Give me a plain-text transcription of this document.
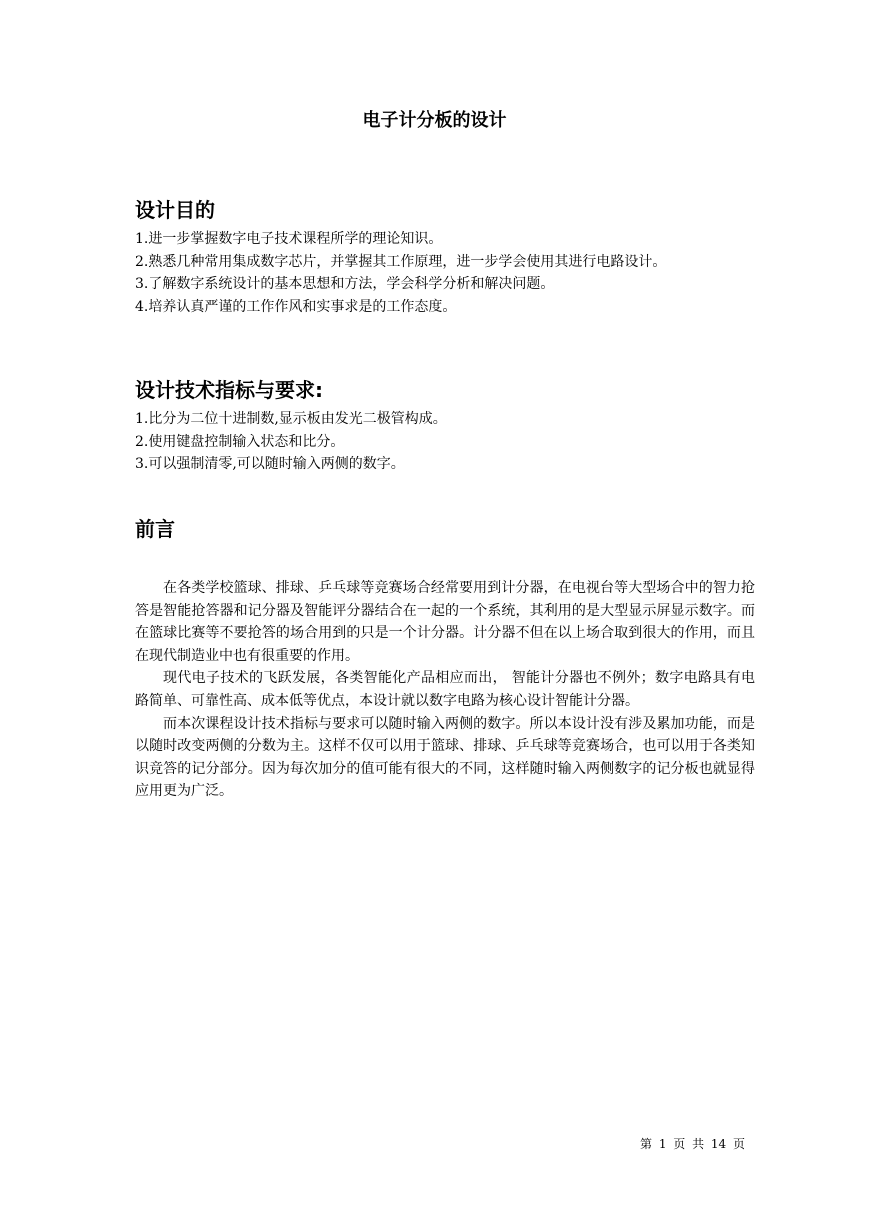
电子计分板的设计
设计目的

1.进一步掌握数字电子技术课程所学的理论知识。

2.熟悉几种常用集成数字芯片，并掌握其工作原理，进一步学会使用其进行电路设计。

3.了解数字系统设计的基本思想和方法，学会科学分析和解决问题。

4.培养认真严谨的工作作风和实事求是的工作态度。

设计技术指标与要求:

1.比分为二位十进制数,显示板由发光二极管构成。

2.使用键盘控制输入状态和比分。

3.可以强制清零,可以随时输入两侧的数字。

前言

在各类学校篮球、排球、乒乓球等竞赛场合经常要用到计分器，在电视台等大型场合中的智力抢答是智能抢答器和记分器及智能评分器结合在一起的一个系统，其利用的是大型显示屏显示数字。而在篮球比赛等不要抢答的场合用到的只是一个计分器。计分器不但在以上场合取到很大的作用，而且在现代制造业中也有很重要的作用。

现代电子技术的飞跃发展，各类智能化产品相应而出， 智能计分器也不例外；数字电路具有电路简单、可靠性高、成本低等优点，本设计就以数字电路为核心设计智能计分器。

而本次课程设计技术指标与要求可以随时输入两侧的数字。所以本设计没有涉及累加功能，而是以随时改变两侧的分数为主。这样不仅可以用于篮球、排球、乒乓球等竞赛场合，也可以用于各类知识竞答的记分部分。因为每次加分的值可能有很大的不同，这样随时输入两侧数字的记分板也就显得应用更为广泛。

第 1 页 共 14 页
